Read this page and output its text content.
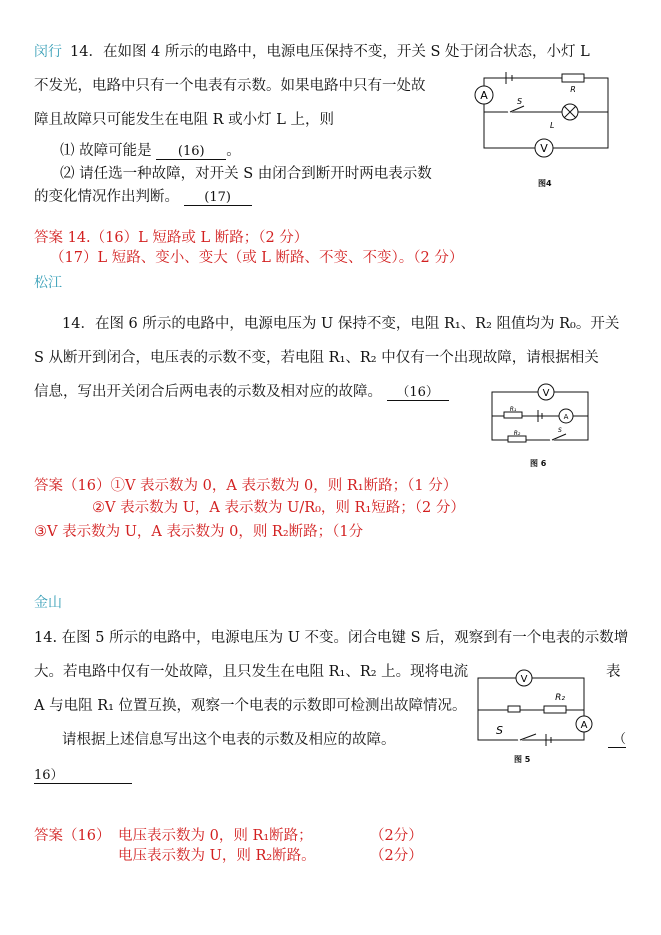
闵行 14．在如图 4 所示的电路中，电源电压保持不变，开关 S 处于闭合状态，小灯 L
不发光，电路中只有一个电表有示数。如果电路中只有一处故
障且故障只可能发生在电阻 R 或小灯 L 上，则
⑴ 故障可能是 (16) 。
⑵ 请任选一种故障，对开关 S 由闭合到断开时两电表示数
的变化情况作出判断。 (17)
A	R
S
L
V
图4
答案 14.（16）L 短路或 L 断路；（2 分）
（17）L 短路、变小、变大（或 L 断路、不变、不变）。（2 分）
松江
14．在图 6 所示的电路中，电源电压为 U 保持不变，电阻 R₁、R₂ 阻值均为 R₀。开关
S 从断开到闭合，电压表的示数不变，若电阻 R₁、R₂ 中仅有一个出现故障，请根据相关
信息，写出开关闭合后两电表的示数及相对应的故障。 （16）	V
A
R₁
R₂	S
图 6
答案（16）①V 表示数为 0，A 表示数为 0，则 R₁断路；（1 分）
②V 表示数为 U，A 表示数为 U/R₀，则 R₁短路；（2 分）
③V 表示数为 U，A 表示数为 0，则 R₂断路；（1分
金山
14. 在图 5 所示的电路中，电源电压为 U 不变。闭合电键 S 后，观察到有一个电表的示数增
大。若电路中仅有一处故障，且只发生在电阻 R₁、R₂ 上。现将电流	表
A 与电阻 R₁ 位置互换，观察一个电表的示数即可检测出故障情况。
请根据上述信息写出这个电表的示数及相应的故障。	（
16）
V
R₂
S	A
图 5
答案（16） 电压表示数为 0，则 R₁断路；	（2分）
电压表示数为 U，则 R₂断路。	（2分）
